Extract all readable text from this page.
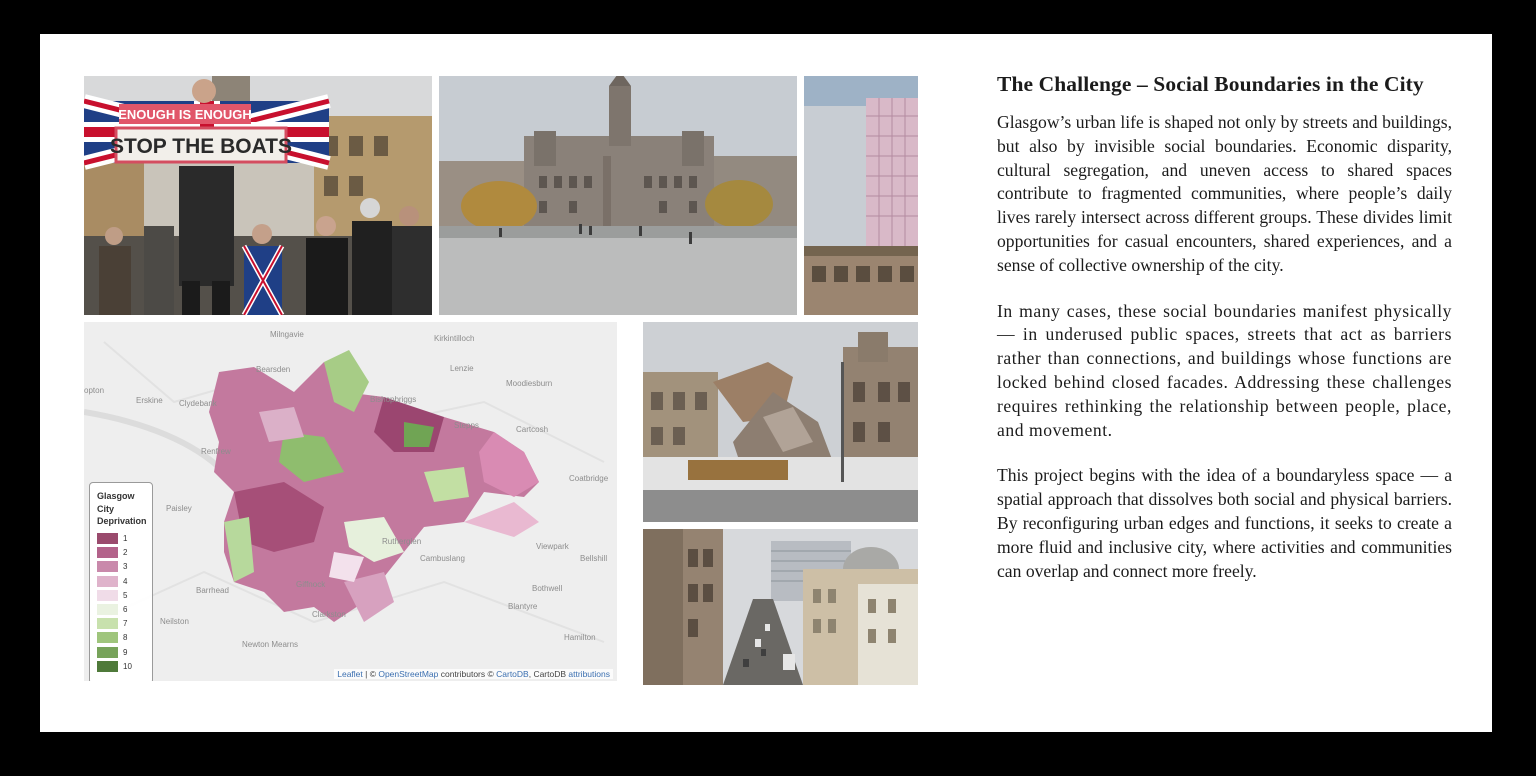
ENOUGH IS ENOUGH
STOP THE BOATS
Milngavie	Kirkintilloch
Bearsden	Lenzie
Moodiesburn
opton
Erskine Clydebank	Bishopbriggs
Stepps	Cartcosh
Renfrew
Coatbridge
Paisley
Viewpark
Rutherglen
Bellshill
Cambuslang
Barrhead
Giffnock	Bothwell
Neilston
Clarkston
Blantyre
Newton Mearns
Hamilton
Glasgow City Deprivation
1
2
3
4
5
6
7
8
9
10
Leaflet | © OpenStreetMap contributors © CartoDB, CartoDB attributions
The Challenge – Social Boundaries in the City

Glasgow’s urban life is shaped not only by streets and buildings, but also by invisible social boundaries. Economic disparity, cultural segregation, and uneven access to shared spaces contribute to fragmented communities, where people’s daily lives rarely intersect across different groups. These divides limit opportunities for casual encounters, shared experiences, and a sense of collective ownership of the city.

In many cases, these social boundaries manifest physically — in underused public spaces, streets that act as barriers rather than connections, and buildings whose functions are locked behind closed facades. Addressing these challenges requires rethinking the relationship between people, place, and movement.

This project begins with the idea of a boundaryless space — a spatial approach that dissolves both social and physical barriers. By reconfiguring urban edges and functions, it seeks to create a more fluid and inclusive city, where activities and communities can overlap and connect more freely.
